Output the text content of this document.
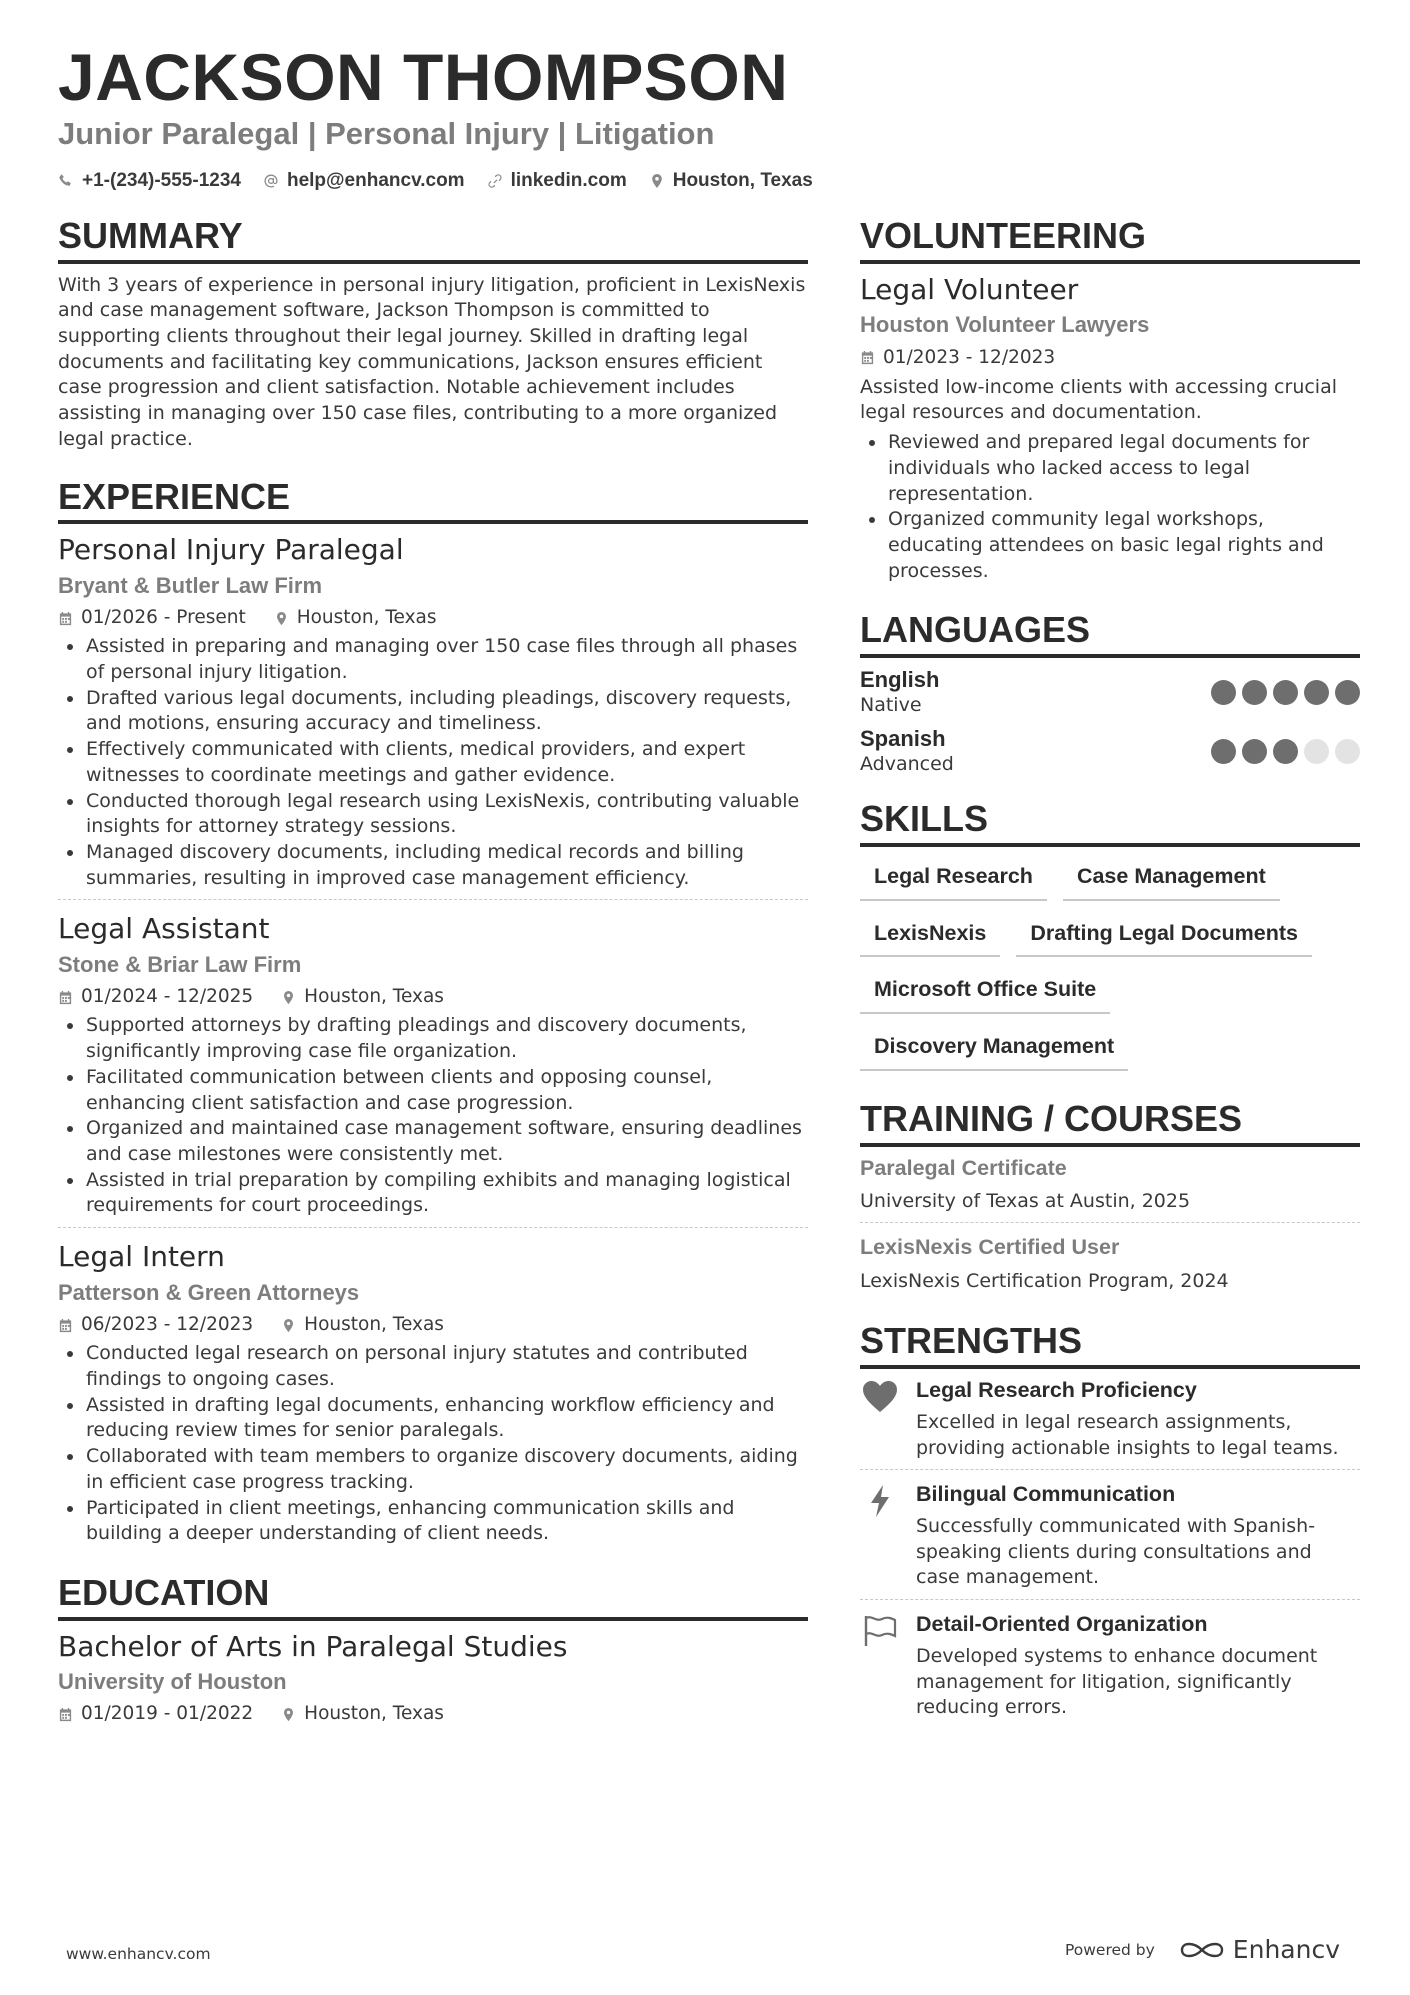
JACKSON THOMPSON
Junior Paralegal | Personal Injury | Litigation
+1-(234)-555-1234 help@enhancv.com linkedin.com Houston, Texas
SUMMARY

With 3 years of experience in personal injury litigation, proficient in LexisNexis and case management software, Jackson Thompson is committed to supporting clients throughout their legal journey. Skilled in drafting legal documents and facilitating key communications, Jackson ensures efficient case progression and client satisfaction. Notable achievement includes assisting in managing over 150 case files, contributing to a more organized legal practice.

EXPERIENCE
Personal Injury Paralegal
Bryant & Butler Law Firm
01/2026 - Present	Houston, Texas
Assisted in preparing and managing over 150 case files through all phases of personal injury litigation.
Drafted various legal documents, including pleadings, discovery requests, and motions, ensuring accuracy and timeliness.
Effectively communicated with clients, medical providers, and expert witnesses to coordinate meetings and gather evidence.
Conducted thorough legal research using LexisNexis, contributing valuable insights for attorney strategy sessions.
Managed discovery documents, including medical records and billing summaries, resulting in improved case management efficiency.
Legal Assistant
Stone & Briar Law Firm
01/2024 - 12/2025	Houston, Texas
Supported attorneys by drafting pleadings and discovery documents, significantly improving case file organization.
Facilitated communication between clients and opposing counsel, enhancing client satisfaction and case progression.
Organized and maintained case management software, ensuring deadlines and case milestones were consistently met.
Assisted in trial preparation by compiling exhibits and managing logistical requirements for court proceedings.
Legal Intern
Patterson & Green Attorneys
06/2023 - 12/2023	Houston, Texas
Conducted legal research on personal injury statutes and contributed findings to ongoing cases.
Assisted in drafting legal documents, enhancing workflow efficiency and reducing review times for senior paralegals.
Collaborated with team members to organize discovery documents, aiding in efficient case progress tracking.
Participated in client meetings, enhancing communication skills and building a deeper understanding of client needs.
EDUCATION
Bachelor of Arts in Paralegal Studies
University of Houston
01/2019 - 01/2022	Houston, Texas
VOLUNTEERING
Legal Volunteer
Houston Volunteer Lawyers
01/2023 - 12/2023

Assisted low-income clients with accessing crucial legal resources and documentation.

Reviewed and prepared legal documents for individuals who lacked access to legal representation.
Organized community legal workshops, educating attendees on basic legal rights and processes.
LANGUAGES
English
Native
Spanish
Advanced
SKILLS
Legal Research	Case Management
LexisNexis	Drafting Legal Documents
Microsoft Office Suite
Discovery Management
TRAINING / COURSES
Paralegal Certificate
University of Texas at Austin, 2025
LexisNexis Certified User
LexisNexis Certification Program, 2024
STRENGTHS
Legal Research Proficiency
Excelled in legal research assignments, providing actionable insights to legal teams.
Bilingual Communication
Successfully communicated with Spanish-speaking clients during consultations and case management.
Detail-Oriented Organization
Developed systems to enhance document management for litigation, significantly reducing errors.
www.enhancv.com	Powered by	Enhancv
